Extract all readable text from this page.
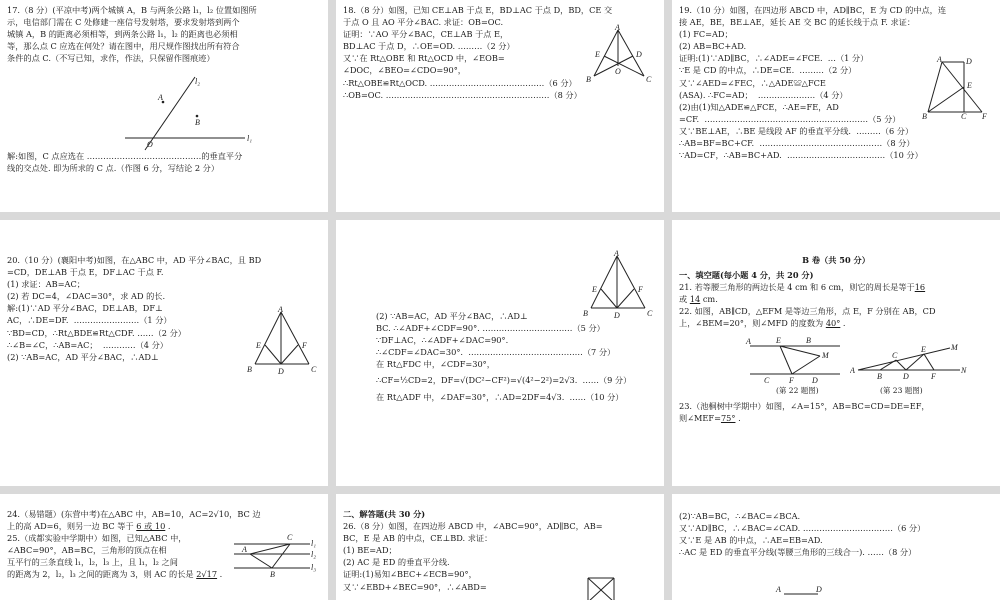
17.（8 分）(平凉中考)两个城镇 A，B 与两条公路 l₁，l₂ 位置如图所

示，电信部门需在 C 处修建一座信号发射塔，要求发射塔到两个

城镇 A，B 的距离必须相等，到两条公路 l₁，l₂ 的距离也必须相

等，那么点 C 应选在何处？请在图中，用尺规作图找出所有符合

条件的点 C.（不写已知，求作，作法，只保留作图痕迹）

l₂
A
B
O
l₁

解:如图，C 点应选在 ……………………………………的垂直平分

线的交点处. 即为所求的 C 点.（作图 6 分，写结论 2 分）

18.（8 分）如图，已知 CE⊥AB 于点 E，BD⊥AC 于点 D，BD，CE 交

于点 O 且 AO 平分∠BAC. 求证：OB=OC.

证明：∵AO 平分∠BAC，CE⊥AB 于点 E，

BD⊥AC 于点 D，∴OE=OD. ………（2 分）

又∵在 Rt△OBE 和 Rt△OCD 中，∠EOB=

∠DOC，∠BEO=∠CDO=90°，

∴Rt△OBE≌Rt△OCD. ……………………………………（6 分）

∴OB=OC. ……………………………………………………（8 分）

A
E	D
O
B	C

19.（10 分）如图，在四边形 ABCD 中，AD∥BC，E 为 CD 的中点，连

接 AE，BE，BE⊥AE，延长 AE 交 BC 的延长线于点 F. 求证：

(1) FC=AD；

(2) AB=BC+AD.

证明:(1)∵AD∥BC，∴∠ADE=∠FCE.  …（1 分）

∵E 是 CD 的中点，∴DE=CE.  ………（2 分）

又∵∠AED=∠FEC，∴△ADE≌△FCE

(ASA). ∴FC=AD；  …………………（4 分）

(2)由(1)知△ADE≌△FCE，∴AE=FE，AD

=CF.  ……………………………………………………（5 分）

又∵BE⊥AE，∴BE 是线段 AF 的垂直平分线.  ………（6 分）

∴AB=BF=BC+CF.  ………………………………………（8 分）

∵AD=CF，∴AB=BC+AD.  ………………………………（10 分）

A	D
E
B	C F

20.（10 分）(襄阳中考)如图，在△ABC 中，AD 平分∠BAC，且 BD

=CD，DE⊥AB 于点 E，DF⊥AC 于点 F.

(1) 求证：AB=AC；

(2) 若 DC=4，∠DAC=30°，求 AD 的长.

解:(1)∵AD 平分∠BAC，DE⊥AB，DF⊥

AC，∴DE=DF.  ……………………（1 分）

∵BD=CD，∴Rt△BDE≌Rt△CDF. ……（2 分）

∴∠B=∠C，∴AB=AC；  …………（4 分）

(2) ∵AB=AC，AD 平分∠BAC，∴AD⊥

A
E	F
B	D	C
A
E	F
B	D	C

(2) ∵AB=AC，AD 平分∠BAC，∴AD⊥

BC. ∴∠ADF+∠CDF=90°. ……………………………（5 分）

∵DF⊥AC，∴∠ADF+∠DAC=90°.

∴∠CDF=∠DAC=30°.  ……………………………………（7 分）

在 Rt△FDC 中，∠CDF=30°，

∴CF=½CD=2，DF=√(DC²−CF²)=√(4²−2²)=2√3.  ……（9 分）

在 Rt△ADF 中，∠DAF=30°，∴AD=2DF=4√3.  ……（10 分）

B 卷（共 50 分）

一、填空题(每小题 4 分，共 20 分)

21. 若等腰三角形的两边长是 4 cm 和 6 cm，则它的周长是等于16

或 14 cm.

22. 如图，AB∥CD，△EFM 是等边三角形，点 E，F 分别在 AB，CD

上，∠BEM=20°，则∠MFD 的度数为 40° .

A	E	B
M
C F D
A
C
E	M
B	D	F
N
(第 22 题图)	(第 23 题图)

23.（池桐树中学期中）如图，∠A=15°，AB=BC=CD=DE=EF，

则∠MEF=75° .

24.（易错题）(东营中考)在△ABC 中，AB=10，AC=2√10，BC 边

上的高 AD=6，则另一边 BC 等于 6 或 10 .

25.（成都实验中学期中）如图，已知△ABC 中，

∠ABC=90°，AB=BC，三角形的顶点在相

互平行的三条直线 l₁，l₂，l₃ 上，且 l₁，l₂ 之间

的距离为 2，l₂，l₃ 之间的距离为 3，则 AC 的长是 2√17 .

C
A
B
l₁
l₂
l₃

二、解答题(共 30 分)

26.（8 分）如图，在四边形 ABCD 中，∠ABC=90°，AD∥BC，AB=

BC，E 是 AB 的中点，CE⊥BD. 求证：

(1) BE=AD；

(2) AC 是 ED 的垂直平分线.

证明:(1)易知∠BEC+∠ECB=90°，

又∵∠EBD+∠BEC=90°，∴∠ABD=

(2)∵AB=BC，∴∠BAC=∠BCA.

又∵AD∥BC，∴∠BAC=∠CAD. ……………………………（6 分）

又∵E 是 AB 的中点，∴AE=EB=AD.

∴AC 是 ED 的垂直平分线(等腰三角形的三线合一). ……（8 分）

A	D
